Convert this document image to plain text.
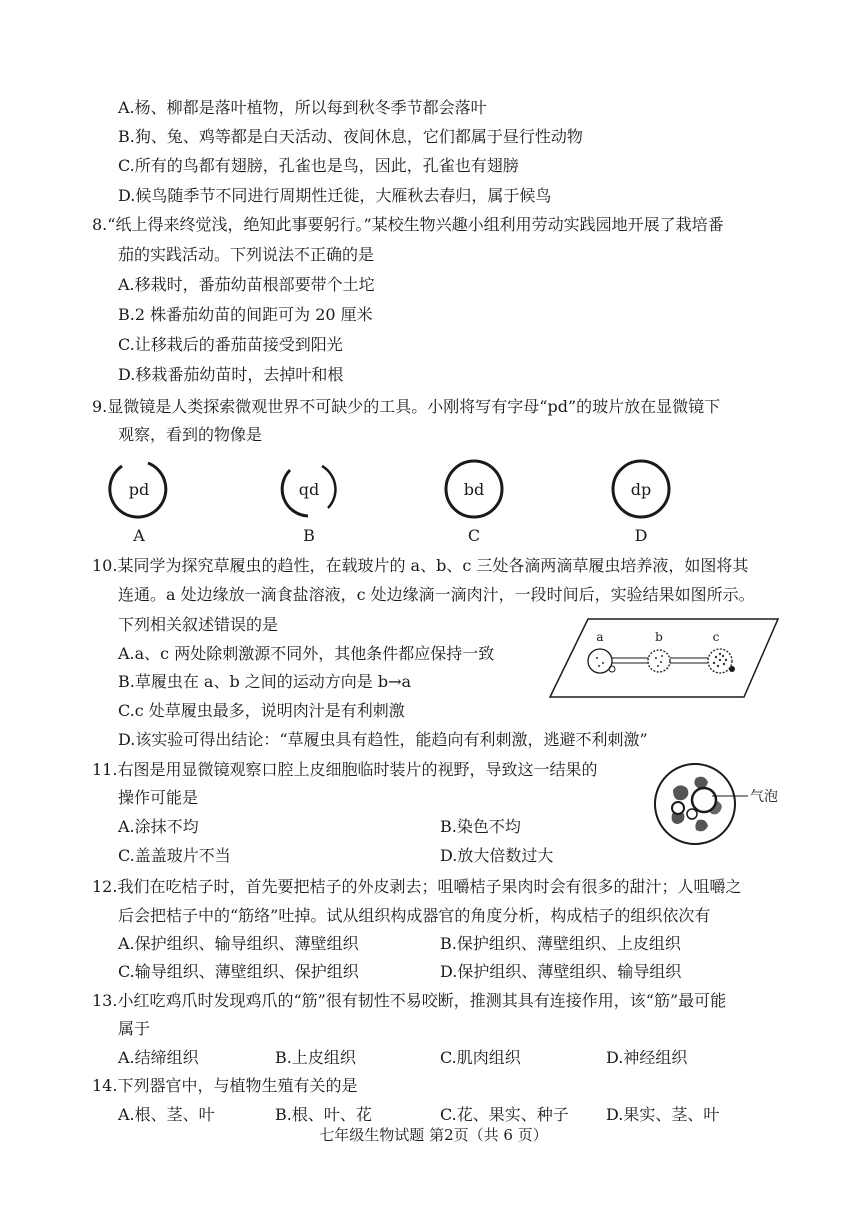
A.杨、柳都是落叶植物，所以每到秋冬季节都会落叶
B.狗、兔、鸡等都是白天活动、夜间休息，它们都属于昼行性动物
C.所有的鸟都有翅膀，孔雀也是鸟，因此，孔雀也有翅膀
D.候鸟随季节不同进行周期性迁徙，大雁秋去春归，属于候鸟
8.“纸上得来终觉浅，绝知此事要躬行。”某校生物兴趣小组利用劳动实践园地开展了栽培番
茄的实践活动。下列说法不正确的是
A.移栽时，番茄幼苗根部要带个土坨
B.2 株番茄幼苗的间距可为 20 厘米
C.让移栽后的番茄苗接受到阳光
D.移栽番茄幼苗时，去掉叶和根
9.显微镜是人类探索微观世界不可缺少的工具。小刚将写有字母“pd”的玻片放在显微镜下
观察，看到的物像是
pd
A
qd
B
bd
C
dp
D
10.某同学为探究草履虫的趋性，在载玻片的 a、b、c 三处各滴两滴草履虫培养液，如图将其
连通。a 处边缘放一滴食盐溶液，c 处边缘滴一滴肉汁，一段时间后，实验结果如图所示。
下列相关叙述错误的是
A.a、c 两处除刺激源不同外，其他条件都应保持一致
B.草履虫在 a、b 之间的运动方向是 b→a
C.c 处草履虫最多，说明肉汁是有利刺激
D.该实验可得出结论：“草履虫具有趋性，能趋向有利刺激，逃避不利刺激”
a	b	c
11.右图是用显微镜观察口腔上皮细胞临时装片的视野，导致这一结果的
操作可能是
A.涂抹不均	B.染色不均
C.盖盖玻片不当	D.放大倍数过大
气泡
12.我们在吃桔子时，首先要把桔子的外皮剥去；咀嚼桔子果肉时会有很多的甜汁；人咀嚼之
后会把桔子中的“筋络”吐掉。试从组织构成器官的角度分析，构成桔子的组织依次有
A.保护组织、输导组织、薄壁组织	B.保护组织、薄壁组织、上皮组织
C.输导组织、薄壁组织、保护组织	D.保护组织、薄壁组织、输导组织
13.小红吃鸡爪时发现鸡爪的“筋”很有韧性不易咬断，推测其具有连接作用，该“筋”最可能
属于
A.结缔组织	B.上皮组织	C.肌肉组织	D.神经组织
14.下列器官中，与植物生殖有关的是
A.根、茎、叶	B.根、叶、花	C.花、果实、种子 D.果实、茎、叶
七年级生物试题 第2页（共 6 页）
